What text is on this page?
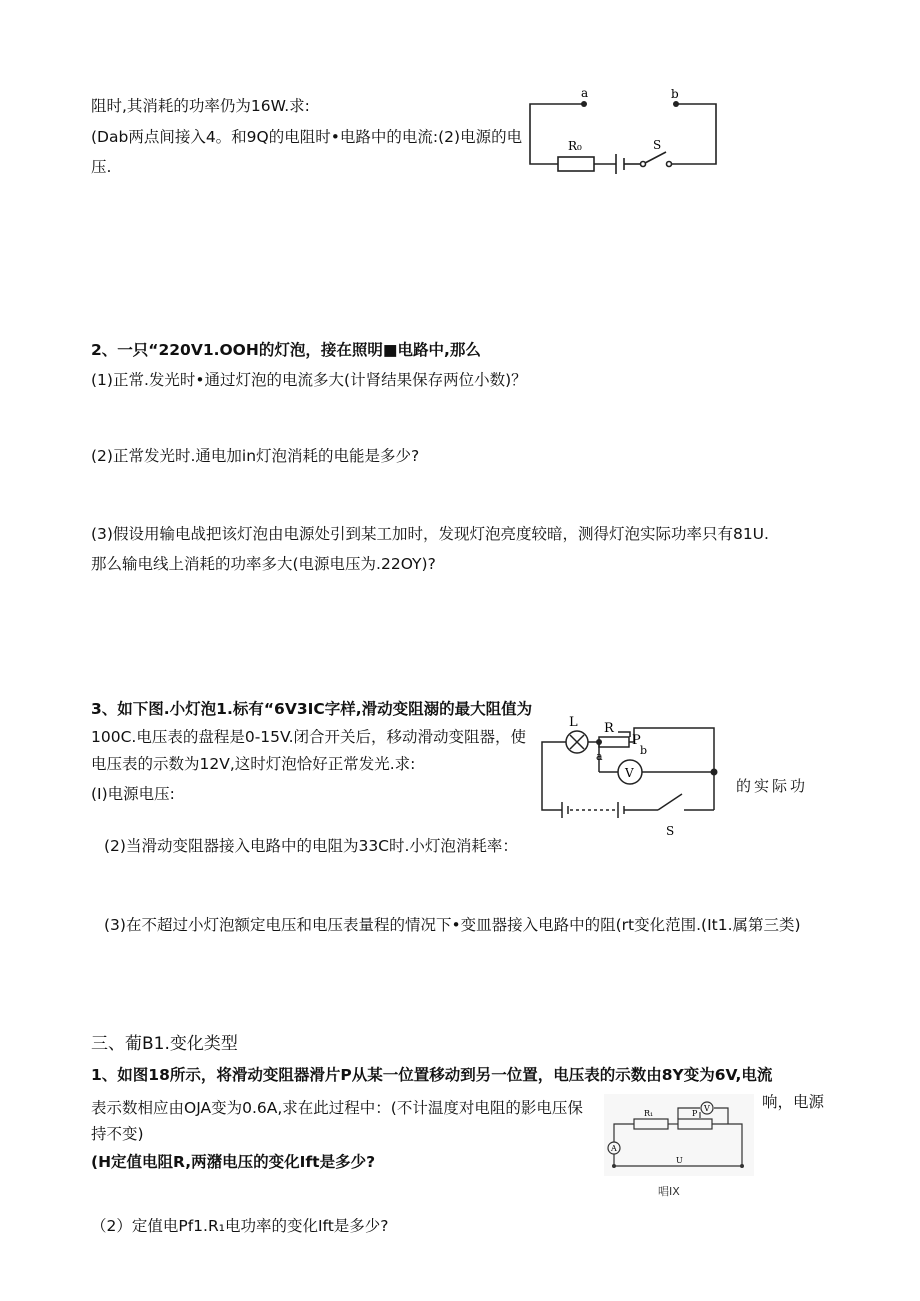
阻时,其消耗的功率仍为16W.求:
(Dab两点间接入4。和9Q的电阻时•电路中的电流:(2)电源的电
压.
a	b
R₀	S
2、一只“220V1.OOH的灯泡，接在照明■电路中,那么
(1)正常.发光时•通过灯泡的电流多大(计肾结果保存两位小数)？
(2)正常发光时.通电加in灯泡消耗的电能是多少?
(3)假设用输电战把该灯泡由电源处引到某工加时，发现灯泡亮度较暗，测得灯泡实际功率只有81U.
那么输电线上消耗的功率多大(电源电压为.22OY)?
3、如下图.小灯泡1.标有“6V3IC字样,滑动变阻溺的最大阻值为
100C.电压表的盘程是0-15V.闭合开关后，移动滑动变阻器，使
电压表的示数为12V,这时灯泡恰好正常发光.求:
(I)电源电压:
(2)当滑动变阻器接入电路中的电阻为33C时.小灯泡消耗率：
(3)在不超过小灯泡额定电压和电压表量程的情况下•变皿器接入电路中的阻(rt变化范围.(It1.属第三类)
L R
P
b
a
V
S
的实际功
三、葡B1.变化类型
1、如图18所示，将滑动变阻器滑片P从某一位置移动到另一位置，电压表的示数由8Y变为6V,电流
表示数相应由OJA变为0.6A,求在此过程中：(不计温度对电阻的影电压保	响，电源
持不变)
(H定值电阻R,两潴电压的变化Ift是多少?
（2）定值电Pf1.R₁电功率的变化Ift是多少?
V
A
R₁	P
U
唱IX
